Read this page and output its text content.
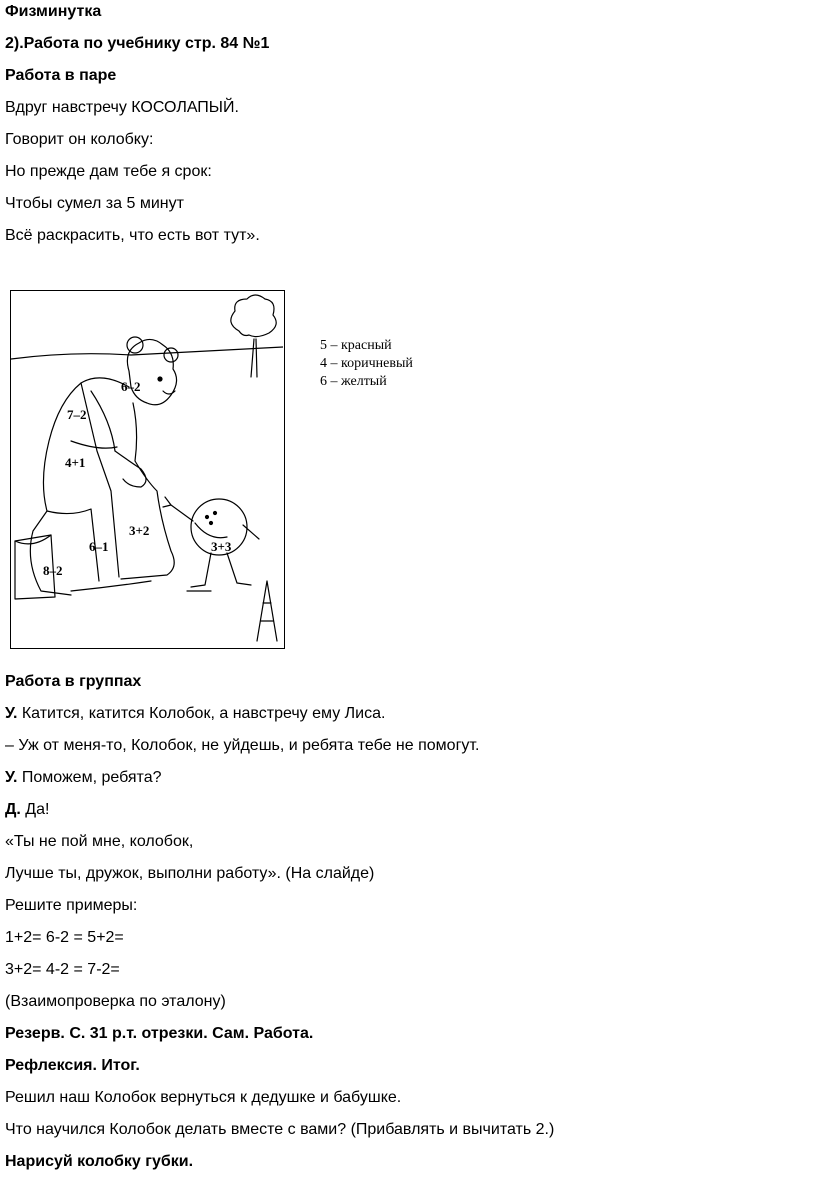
Физминутка
2).Работа по учебнику стр. 84 №1
Работа в паре
Вдруг навстречу КОСОЛАПЫЙ.
Говорит он колобку:
Но прежде дам тебе я срок:
Чтобы сумел за 5 минут
Всё раскрасить, что есть вот тут».
6–2
7–2
4+1
3+2
6–1
8–2
3+3
5 – красный
4 – коричневый
6 – желтый
Работа в группах
У. Катится, катится Колобок, а навстречу ему Лиса.
– Уж от меня-то, Колобок, не уйдешь, и ребята тебе не помогут.
У. Поможем, ребята?
Д. Да!
«Ты не пой мне, колобок,
Лучше ты, дружок, выполни работу». (На слайде)
Решите примеры:
1+2= 6-2 = 5+2=
3+2= 4-2 = 7-2=
(Взаимопроверка по эталону)
Резерв. С. 31 р.т. отрезки. Сам. Работа.
Рефлексия. Итог.
Решил наш Колобок вернуться к дедушке и бабушке.
Что научился Колобок делать вместе с вами? (Прибавлять и вычитать 2.)
Нарисуй колобку губки.
